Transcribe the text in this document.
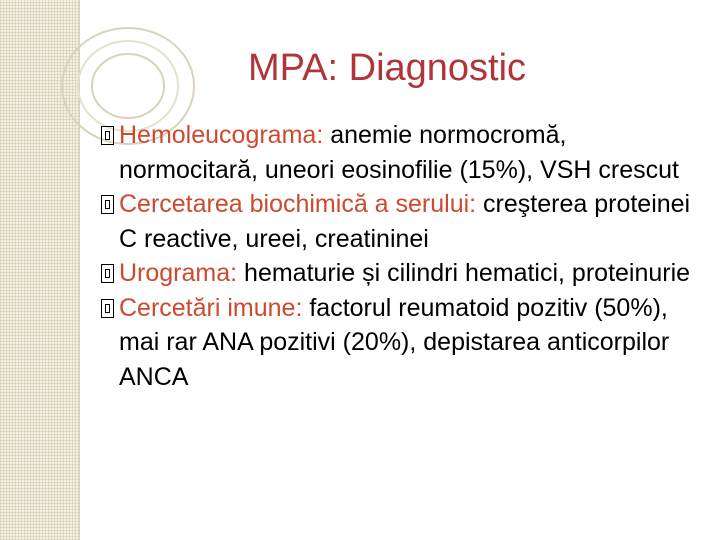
MPA: Diagnostic
Hemoleucograma: anemie normocromă, normocitară, uneori eosinofilie (15%), VSH crescut
Cercetarea biochimică a serului: creşterea proteinei C reactive, ureei, creatininei
Urograma: hematurie și cilindri hematici, proteinurie
Cercetări imune: factorul reumatoid pozitiv (50%), mai rar ANA pozitivi (20%), depistarea anticorpilor ANCA
